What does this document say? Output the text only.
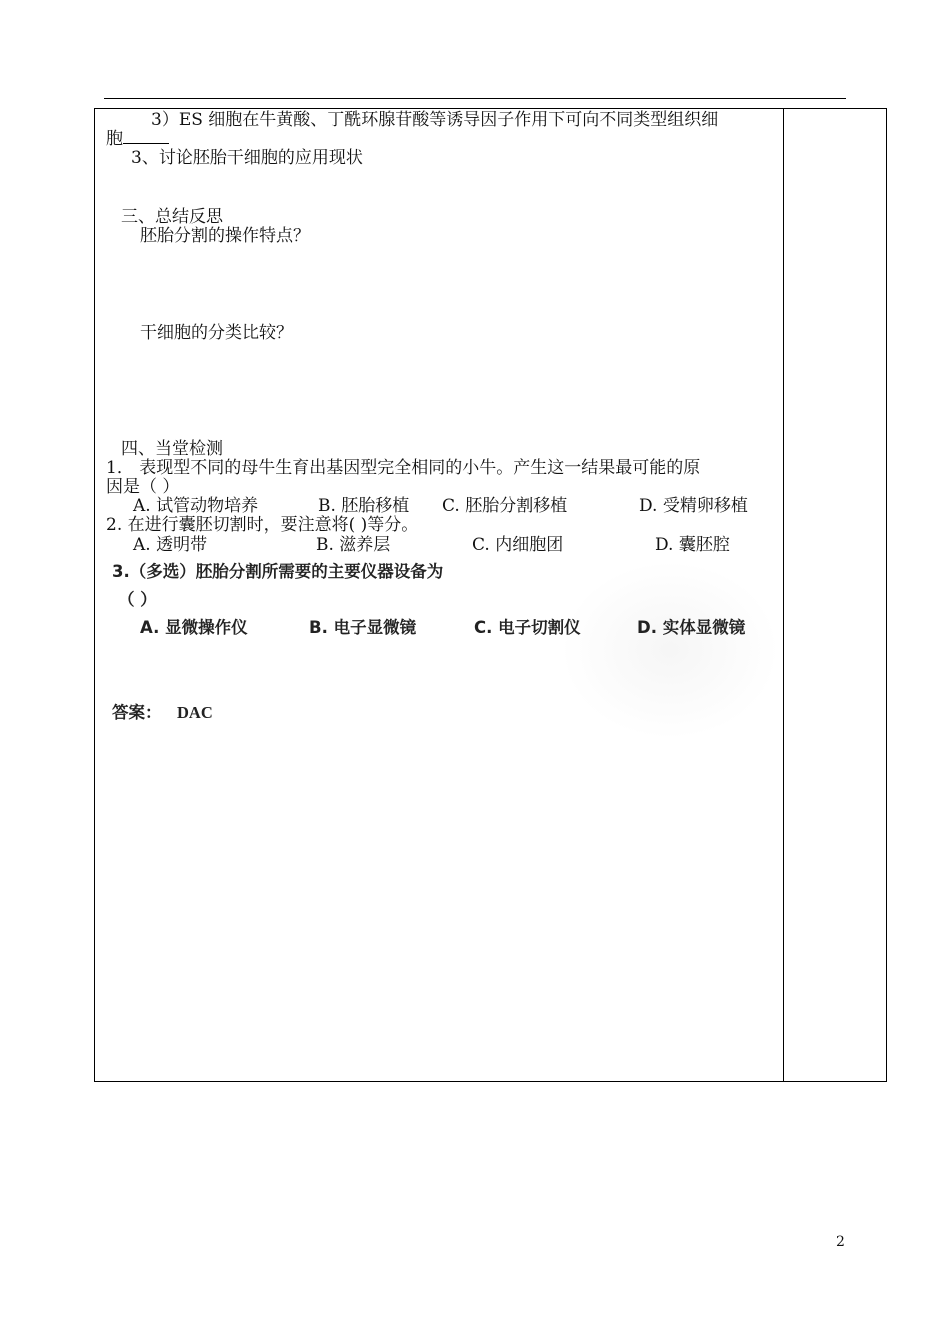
3）ES 细胞在牛黄酸、丁酰环腺苷酸等诱导因子作用下可向不同类型组织细
胞
3、讨论胚胎干细胞的应用现状
三、总结反思
胚胎分割的操作特点？
干细胞的分类比较？
四、当堂检测
1． 表现型不同的母牛生育出基因型完全相同的小牛。产生这一结果最可能的原
因是（ ）
A. 试管动物培养	B. 胚胎移植 C. 胚胎分割移植	D. 受精卵移植
2. 在进行囊胚切割时，要注意将( )等分。
A. 透明带	B. 滋养层	C. 内细胞团	D. 囊胚腔
3.（多选）胚胎分割所需要的主要仪器设备为
（ ）
A. 显微操作仪	B. 电子显微镜	C. 电子切割仪	D. 实体显微镜
答案： DAC
2
